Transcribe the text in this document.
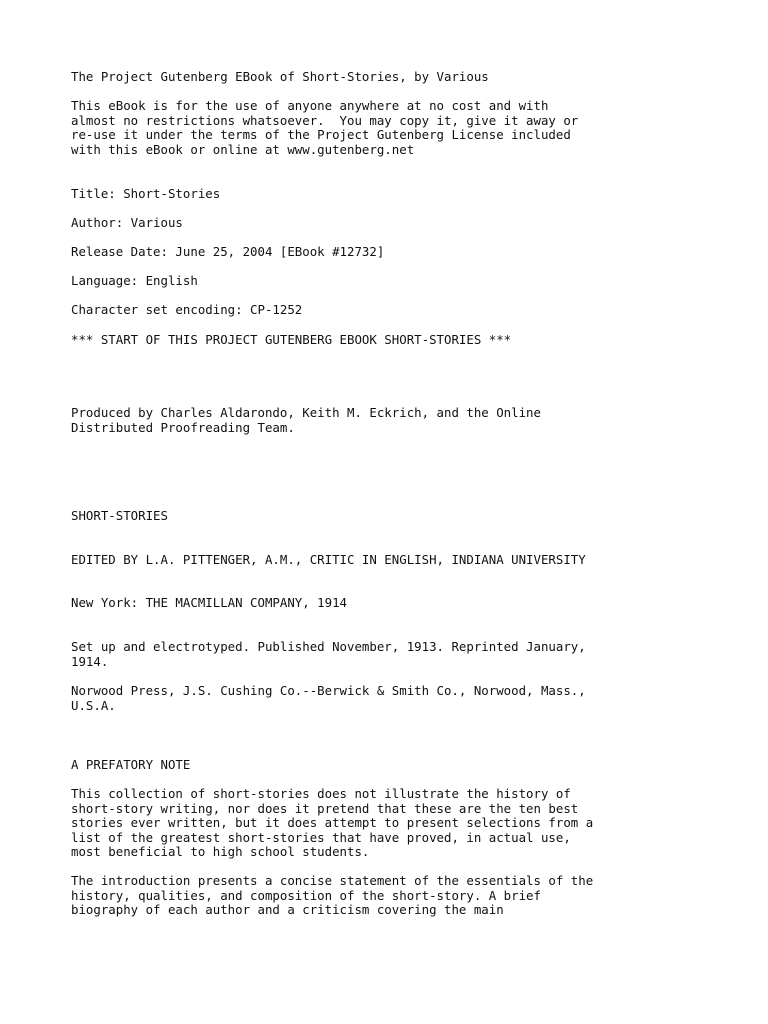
The Project Gutenberg EBook of Short-Stories, by Various

This eBook is for the use of anyone anywhere at no cost and with
almost no restrictions whatsoever.  You may copy it, give it away or
re-use it under the terms of the Project Gutenberg License included
with this eBook or online at www.gutenberg.net

Title: Short-Stories

Author: Various

Release Date: June 25, 2004 [EBook #12732]

Language: English

Character set encoding: CP-1252

*** START OF THIS PROJECT GUTENBERG EBOOK SHORT-STORIES ***

Produced by Charles Aldarondo, Keith M. Eckrich, and the Online
Distributed Proofreading Team.

SHORT-STORIES

EDITED BY L.A. PITTENGER, A.M., CRITIC IN ENGLISH, INDIANA UNIVERSITY

New York: THE MACMILLAN COMPANY, 1914

Set up and electrotyped. Published November, 1913. Reprinted January,
1914.

Norwood Press, J.S. Cushing Co.--Berwick & Smith Co., Norwood, Mass.,
U.S.A.

A PREFATORY NOTE

This collection of short-stories does not illustrate the history of
short-story writing, nor does it pretend that these are the ten best
stories ever written, but it does attempt to present selections from a
list of the greatest short-stories that have proved, in actual use,
most beneficial to high school students.

The introduction presents a concise statement of the essentials of the
history, qualities, and composition of the short-story. A brief
biography of each author and a criticism covering the main
